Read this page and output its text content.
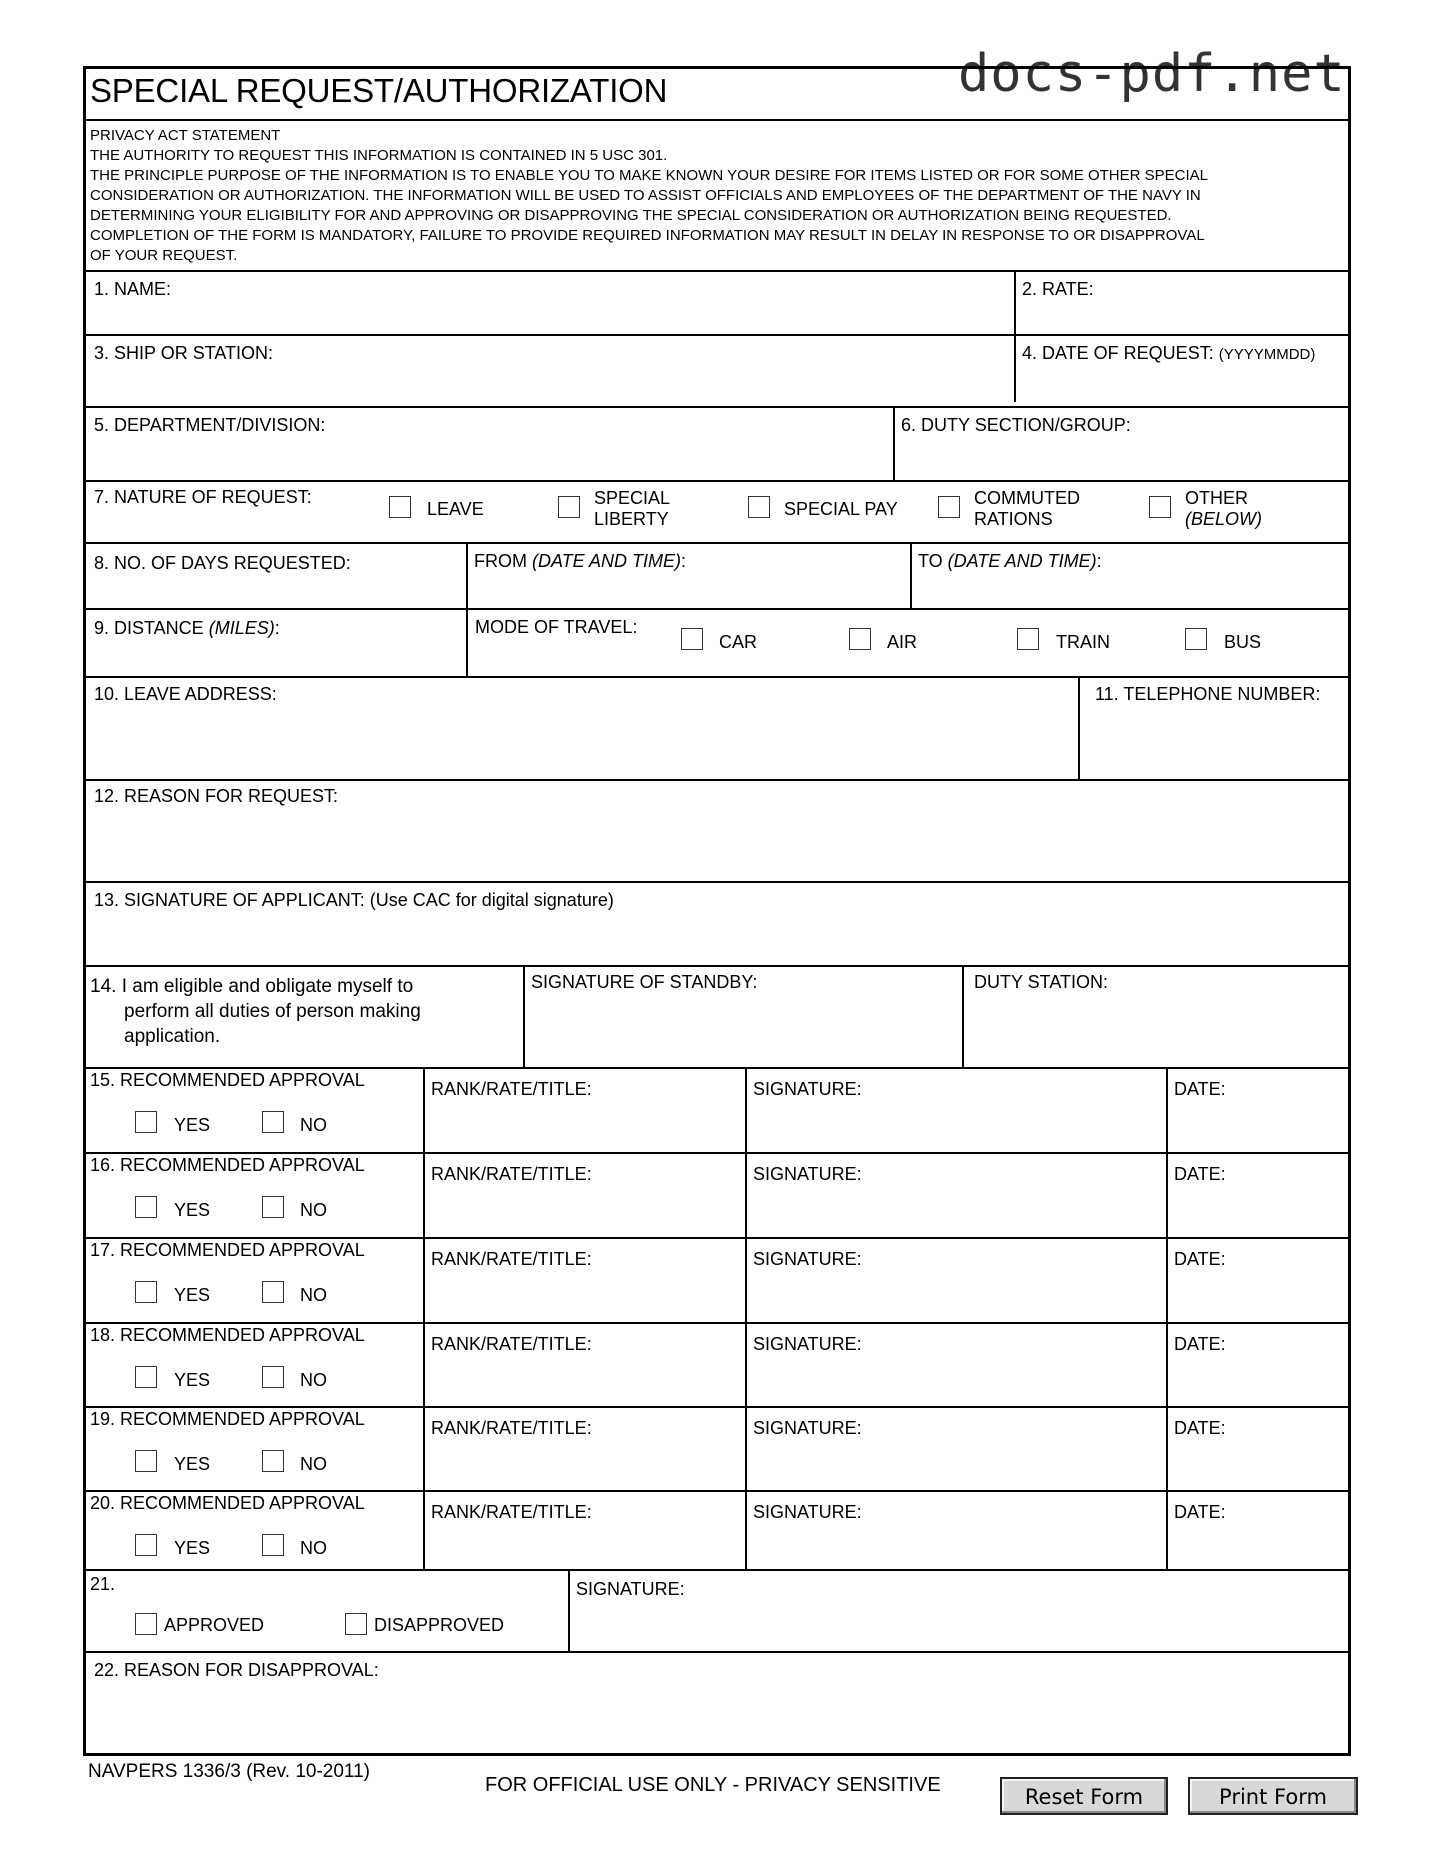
docs-pdf.net
SPECIAL REQUEST/AUTHORIZATION
PRIVACY ACT STATEMENT
THE AUTHORITY TO REQUEST THIS INFORMATION IS CONTAINED IN 5 USC 301.
THE PRINCIPLE PURPOSE OF THE INFORMATION IS TO ENABLE YOU TO MAKE KNOWN YOUR DESIRE FOR ITEMS LISTED OR FOR SOME OTHER SPECIAL
CONSIDERATION OR AUTHORIZATION. THE INFORMATION WILL BE USED TO ASSIST OFFICIALS AND EMPLOYEES OF THE DEPARTMENT OF THE NAVY IN
DETERMINING YOUR ELIGIBILITY FOR AND APPROVING OR DISAPPROVING THE SPECIAL CONSIDERATION OR AUTHORIZATION BEING REQUESTED.
COMPLETION OF THE FORM IS MANDATORY, FAILURE TO PROVIDE REQUIRED INFORMATION MAY RESULT IN DELAY IN RESPONSE TO OR DISAPPROVAL
OF YOUR REQUEST.
1. NAME:	2. RATE:
3. SHIP OR STATION:	4. DATE OF REQUEST: (YYYYMMDD)
5. DEPARTMENT/DIVISION:	6. DUTY SECTION/GROUP:
7. NATURE OF REQUEST:
LEAVE
SPECIAL
LIBERTY	SPECIAL PAY
COMMUTED
RATIONS
OTHER
(BELOW)
8. NO. OF DAYS REQUESTED:	FROM (DATE AND TIME):	TO (DATE AND TIME):
9. DISTANCE (MILES):	MODE OF TRAVEL:
CAR	AIR	TRAIN	BUS
10. LEAVE ADDRESS:	11. TELEPHONE NUMBER:
12. REASON FOR REQUEST:
13. SIGNATURE OF APPLICANT: (Use CAC for digital signature)
14. I am eligible and obligate myself to
perform all duties of person making
application.
SIGNATURE OF STANDBY:	DUTY STATION:
15. RECOMMENDED APPROVAL
YES	NO
RANK/RATE/TITLE:	SIGNATURE:	DATE:
16. RECOMMENDED APPROVAL
YES	NO
RANK/RATE/TITLE:	SIGNATURE:	DATE:
17. RECOMMENDED APPROVAL
YES	NO
RANK/RATE/TITLE:	SIGNATURE:	DATE:
18. RECOMMENDED APPROVAL
YES	NO
RANK/RATE/TITLE:	SIGNATURE:	DATE:
19. RECOMMENDED APPROVAL
YES	NO
RANK/RATE/TITLE:	SIGNATURE:	DATE:
20. RECOMMENDED APPROVAL
YES	NO
RANK/RATE/TITLE:	SIGNATURE:	DATE:
21.
APPROVED	DISAPPROVED
SIGNATURE:
22. REASON FOR DISAPPROVAL:
NAVPERS 1336/3 (Rev. 10-2011)
FOR OFFICIAL USE ONLY - PRIVACY SENSITIVE	Reset Form	Print Form
